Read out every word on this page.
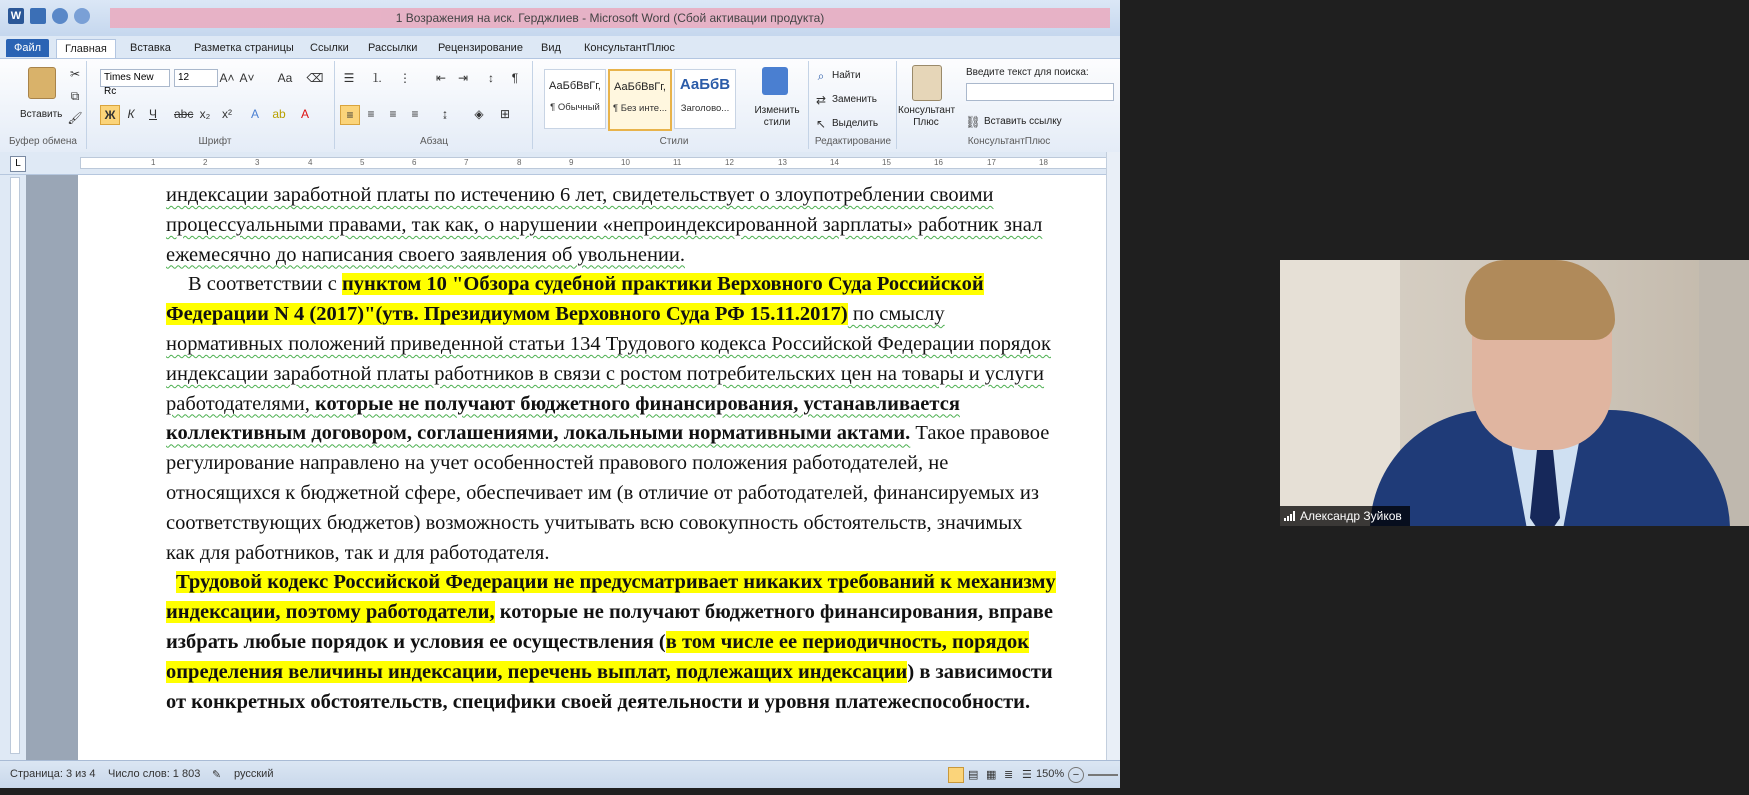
W	1 Возражения на иск. Герджлиев - Microsoft Word (Сбой активации продукта)
Файл	Главная	Вставка	Разметка страницы	Ссылки	Рассылки	Рецензирование	Вид	КонсультантПлюс
Вставить
✂
⧉
🖌
Буфер обмена
Times New Rc
12	A˄ A˅ Aa ⌫
Ж	К	Ч	abc x₂ x²	A	ab	A
Шрифт
☰	⒈ ⋮	⇤ ⇥	↕	¶
≡	≡	≡	≡	↨	◈	⊞
Абзац
АаБбВвГг,
¶ Обычный
АаБбВвГг,
¶ Без инте...
АаБбВ
Заголово...	Изменить стили
Стили
⌕ Найти
⇄ Заменить
↖ Выделить
Редактирование
Консультант Плюс
Введите текст для поиска:
⛓ Вставить ссылку
КонсультантПлюс
L	1	2	3	4	5	6	7	8	9	10	11	12	13	14	15	16	17	18

индексации заработной платы по истечению 6 лет, свидетельствует о злоупотреблении своими процессуальными правами, так как, о нарушении «непроиндексированной зарплаты» работник знал ежемесячно до написания своего заявления об увольнении.

В соответствии с пунктом 10 "Обзора судебной практики Верховного Суда Российской Федерации N 4 (2017)"(утв. Президиумом Верховного Суда РФ 15.11.2017) по смыслу нормативных положений приведенной статьи 134 Трудового кодекса Российской Федерации порядок индексации заработной платы работников в связи с ростом потребительских цен на товары и услуги работодателями, которые не получают бюджетного финансирования, устанавливается коллективным договором, соглашениями, локальными нормативными актами. Такое правовое регулирование направлено на учет особенностей правового положения работодателей, не относящихся к бюджетной сфере, обеспечивает им (в отличие от работодателей, финансируемых из соответствующих бюджетов) возможность учитывать всю совокупность обстоятельств, значимых как для работников, так и для работодателя.

Трудовой кодекс Российской Федерации не предусматривает никаких требований к механизму индексации, поэтому работодатели, которые не получают бюджетного финансирования, вправе избрать любые порядок и условия ее осуществления (в том числе ее периодичность, порядок определения величины индексации, перечень выплат, подлежащих индексации) в зависимости от конкретных обстоятельств, специфики своей деятельности и уровня платежеспособности.

Страница: 3 из 4 Число слов: 1 803 ✎ русский	▤ ▦ ≣ ☰ 150% −
Александр Зуйков
